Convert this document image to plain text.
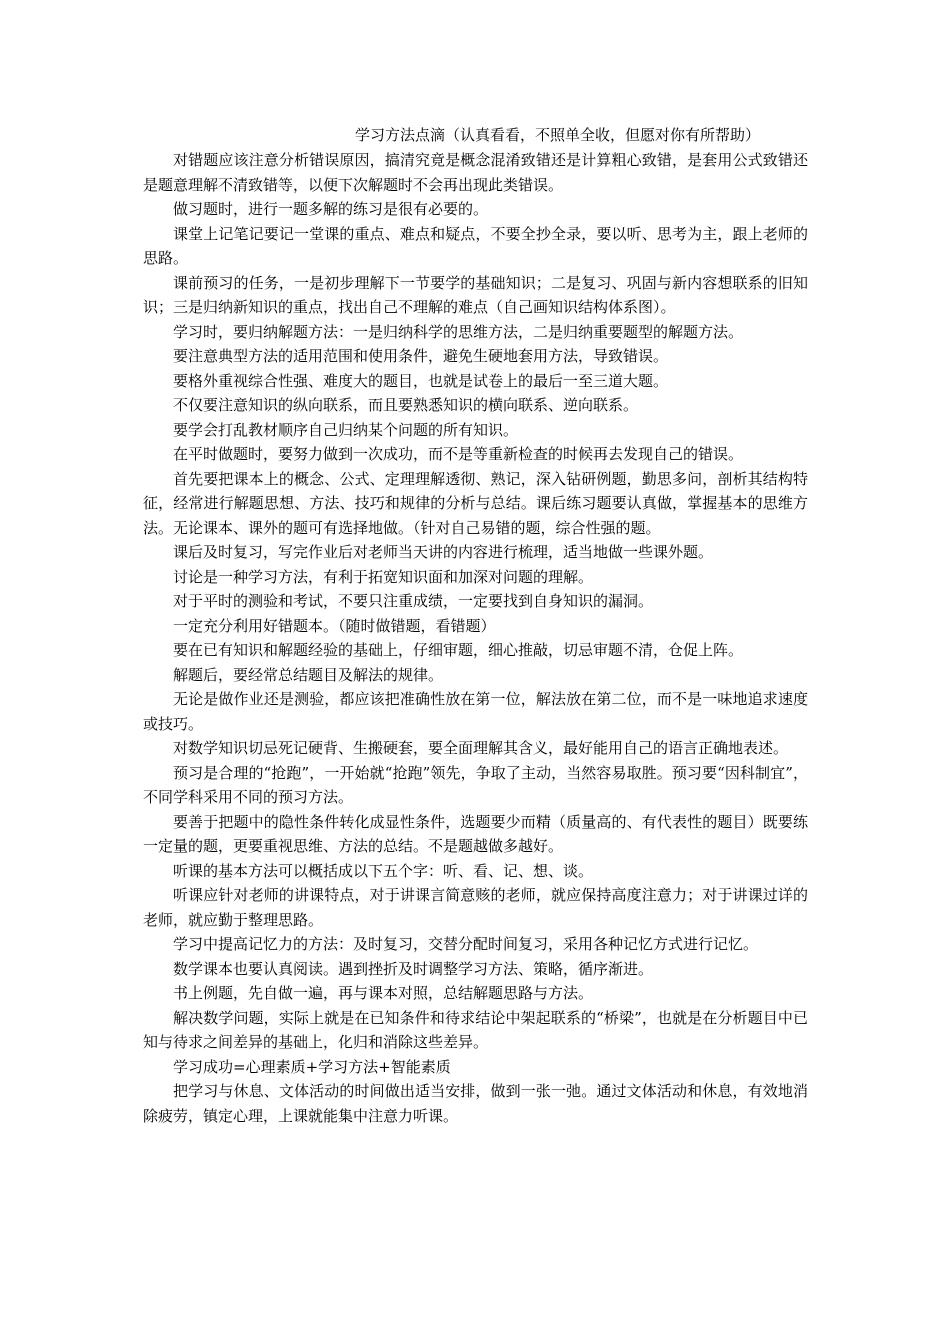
学习方法点滴（认真看看，不照单全收，但愿对你有所帮助）

对错题应该注意分析错误原因，搞清究竟是概念混淆致错还是计算粗心致错，是套用公式致错还是题意理解不清致错等，以便下次解题时不会再出现此类错误。

做习题时，进行一题多解的练习是很有必要的。

课堂上记笔记要记一堂课的重点、难点和疑点，不要全抄全录，要以听、思考为主，跟上老师的思路。

课前预习的任务，一是初步理解下一节要学的基础知识；二是复习、巩固与新内容想联系的旧知识；三是归纳新知识的重点，找出自己不理解的难点（自己画知识结构体系图）。

学习时，要归纳解题方法：一是归纳科学的思维方法，二是归纳重要题型的解题方法。

要注意典型方法的适用范围和使用条件，避免生硬地套用方法，导致错误。

要格外重视综合性强、难度大的题目，也就是试卷上的最后一至三道大题。

不仅要注意知识的纵向联系，而且要熟悉知识的横向联系、逆向联系。

要学会打乱教材顺序自己归纳某个问题的所有知识。

在平时做题时，要努力做到一次成功，而不是等重新检查的时候再去发现自己的错误。

首先要把课本上的概念、公式、定理理解透彻、熟记，深入钻研例题，勤思多问，剖析其结构特征，经常进行解题思想、方法、技巧和规律的分析与总结。课后练习题要认真做，掌握基本的思维方法。无论课本、课外的题可有选择地做。（针对自己易错的题，综合性强的题。

课后及时复习，写完作业后对老师当天讲的内容进行梳理，适当地做一些课外题。

讨论是一种学习方法，有利于拓宽知识面和加深对问题的理解。

对于平时的测验和考试，不要只注重成绩，一定要找到自身知识的漏洞。

一定充分利用好错题本。（随时做错题，看错题）

要在已有知识和解题经验的基础上，仔细审题，细心推敲，切忌审题不清，仓促上阵。

解题后，要经常总结题目及解法的规律。

无论是做作业还是测验，都应该把准确性放在第一位，解法放在第二位，而不是一味地追求速度或技巧。

对数学知识切忌死记硬背、生搬硬套，要全面理解其含义，最好能用自己的语言正确地表述。

预习是合理的“抢跑”，一开始就“抢跑”领先，争取了主动，当然容易取胜。预习要“因科制宜”，不同学科采用不同的预习方法。

要善于把题中的隐性条件转化成显性条件，选题要少而精（质量高的、有代表性的题目）既要练一定量的题，更要重视思维、方法的总结。不是题越做多越好。

听课的基本方法可以概括成以下五个字：听、看、记、想、谈。

听课应针对老师的讲课特点，对于讲课言简意赅的老师，就应保持高度注意力；对于讲课过详的老师，就应勤于整理思路。

学习中提高记忆力的方法：及时复习，交替分配时间复习，采用各种记忆方式进行记忆。

数学课本也要认真阅读。遇到挫折及时调整学习方法、策略，循序渐进。

书上例题，先自做一遍，再与课本对照，总结解题思路与方法。

解决数学问题，实际上就是在已知条件和待求结论中架起联系的“桥梁”，也就是在分析题目中已知与待求之间差异的基础上，化归和消除这些差异。

学习成功=心理素质+学习方法+智能素质

把学习与休息、文体活动的时间做出适当安排，做到一张一弛。通过文体活动和休息，有效地消除疲劳，镇定心理，上课就能集中注意力听课。
